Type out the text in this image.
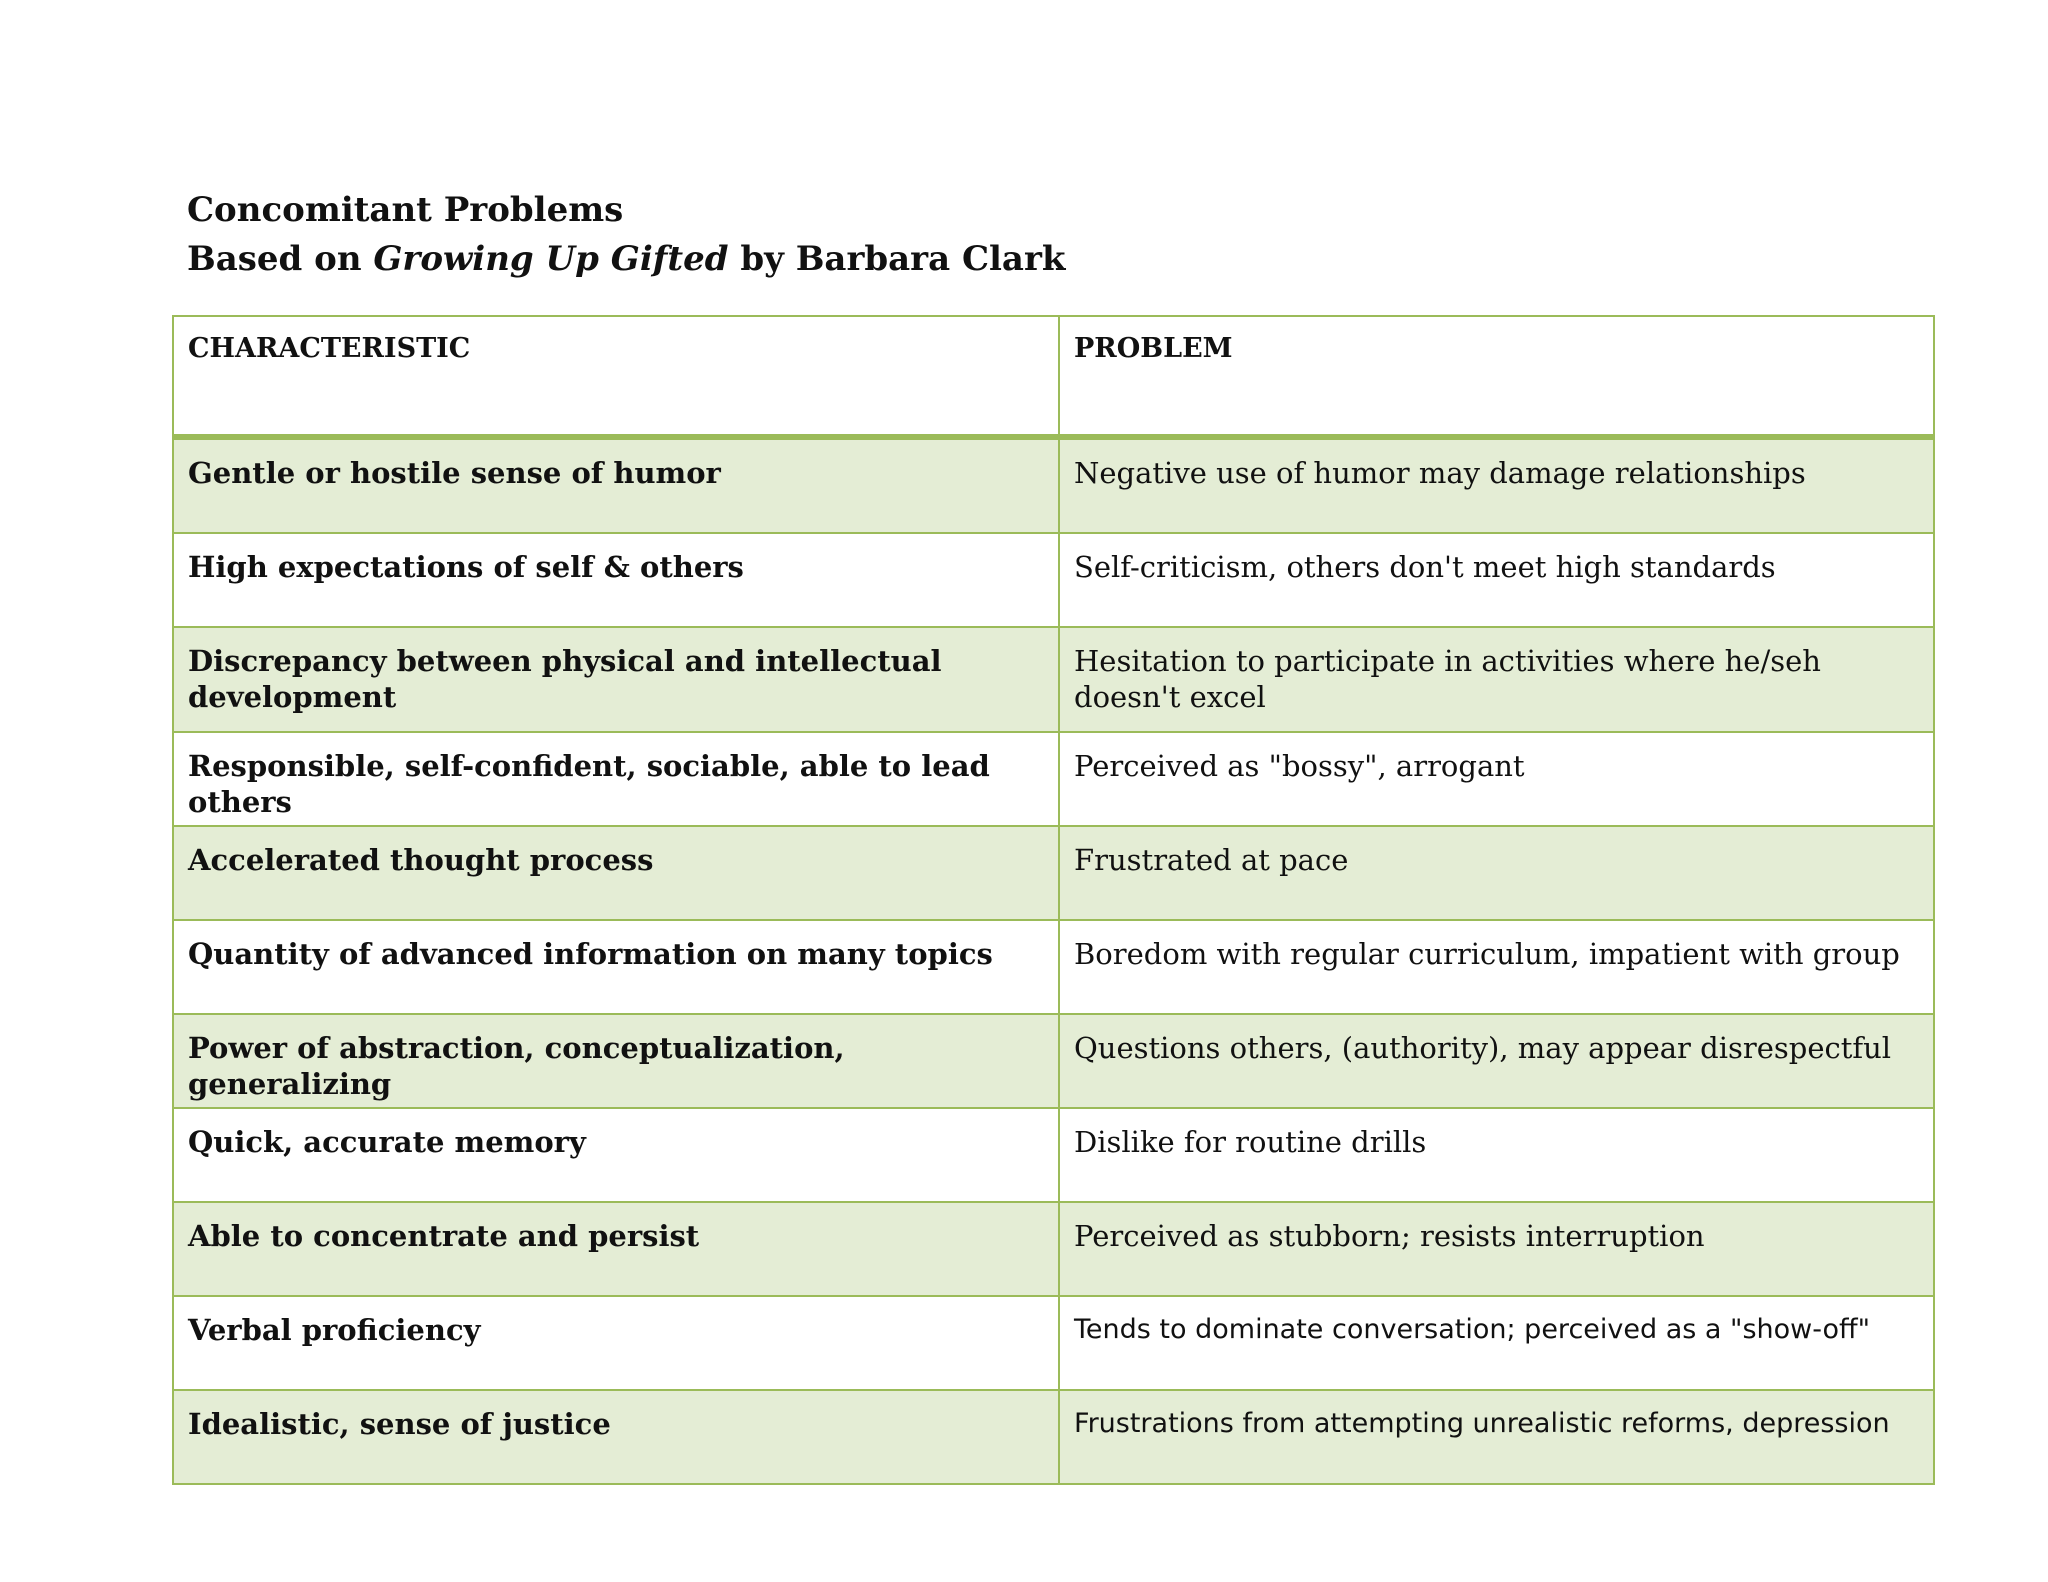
Concomitant Problems
Based on Growing Up Gifted by Barbara Clark
CHARACTERISTIC	PROBLEM
Gentle or hostile sense of humor	Negative use of humor may damage relationships
High expectations of self & others	Self-criticism, others don't meet high standards
Discrepancy between physical and intellectual development	Hesitation to participate in activities where he/seh doesn't excel
Responsible, self-confident, sociable, able to lead others	Perceived as "bossy", arrogant
Accelerated thought process	Frustrated at pace
Quantity of advanced information on many topics	Boredom with regular curriculum, impatient with group
Power of abstraction, conceptualization, generalizing	Questions others, (authority), may appear disrespectful
Quick, accurate memory	Dislike for routine drills
Able to concentrate and persist	Perceived as stubborn; resists interruption
Verbal proficiency	Tends to dominate conversation; perceived as a "show-off"
Idealistic, sense of justice	Frustrations from attempting unrealistic reforms, depression
